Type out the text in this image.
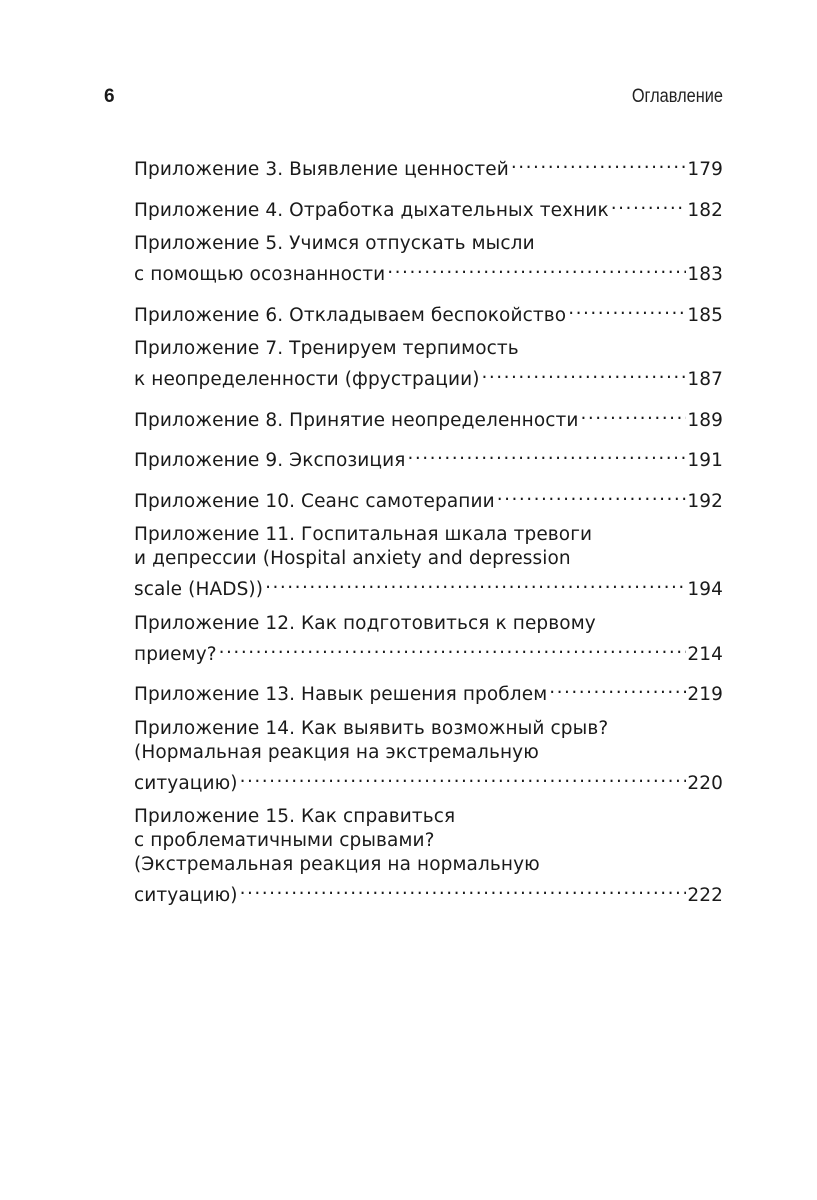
6	Оглавление
Приложение 3. Выявление ценностей .....	179
Приложение 4. Отработка дыхательных техник .....	182
Приложение 5. Учимся отпускать мысли
с помощью осознанности .....	183
Приложение 6. Откладываем беспокойство .....	185
Приложение 7. Тренируем терпимость
к неопределенности (фрустрации) .....	187
Приложение 8. Принятие неопределенности .....	189
Приложение 9. Экспозиция .....	191
Приложение 10. Сеанс самотерапии .....	192
Приложение 11. Госпитальная шкала тревоги
и депрессии (Hospital anxiety and depression
scale (HADS)) .....	194
Приложение 12. Как подготовиться к первому
приему? .....	214
Приложение 13. Навык решения проблем .....	219
Приложение 14. Как выявить возможный срыв?
(Нормальная реакция на экстремальную
ситуацию) .....	220
Приложение 15. Как справиться
с проблематичными срывами?
(Экстремальная реакция на нормальную
ситуацию) .....	222
